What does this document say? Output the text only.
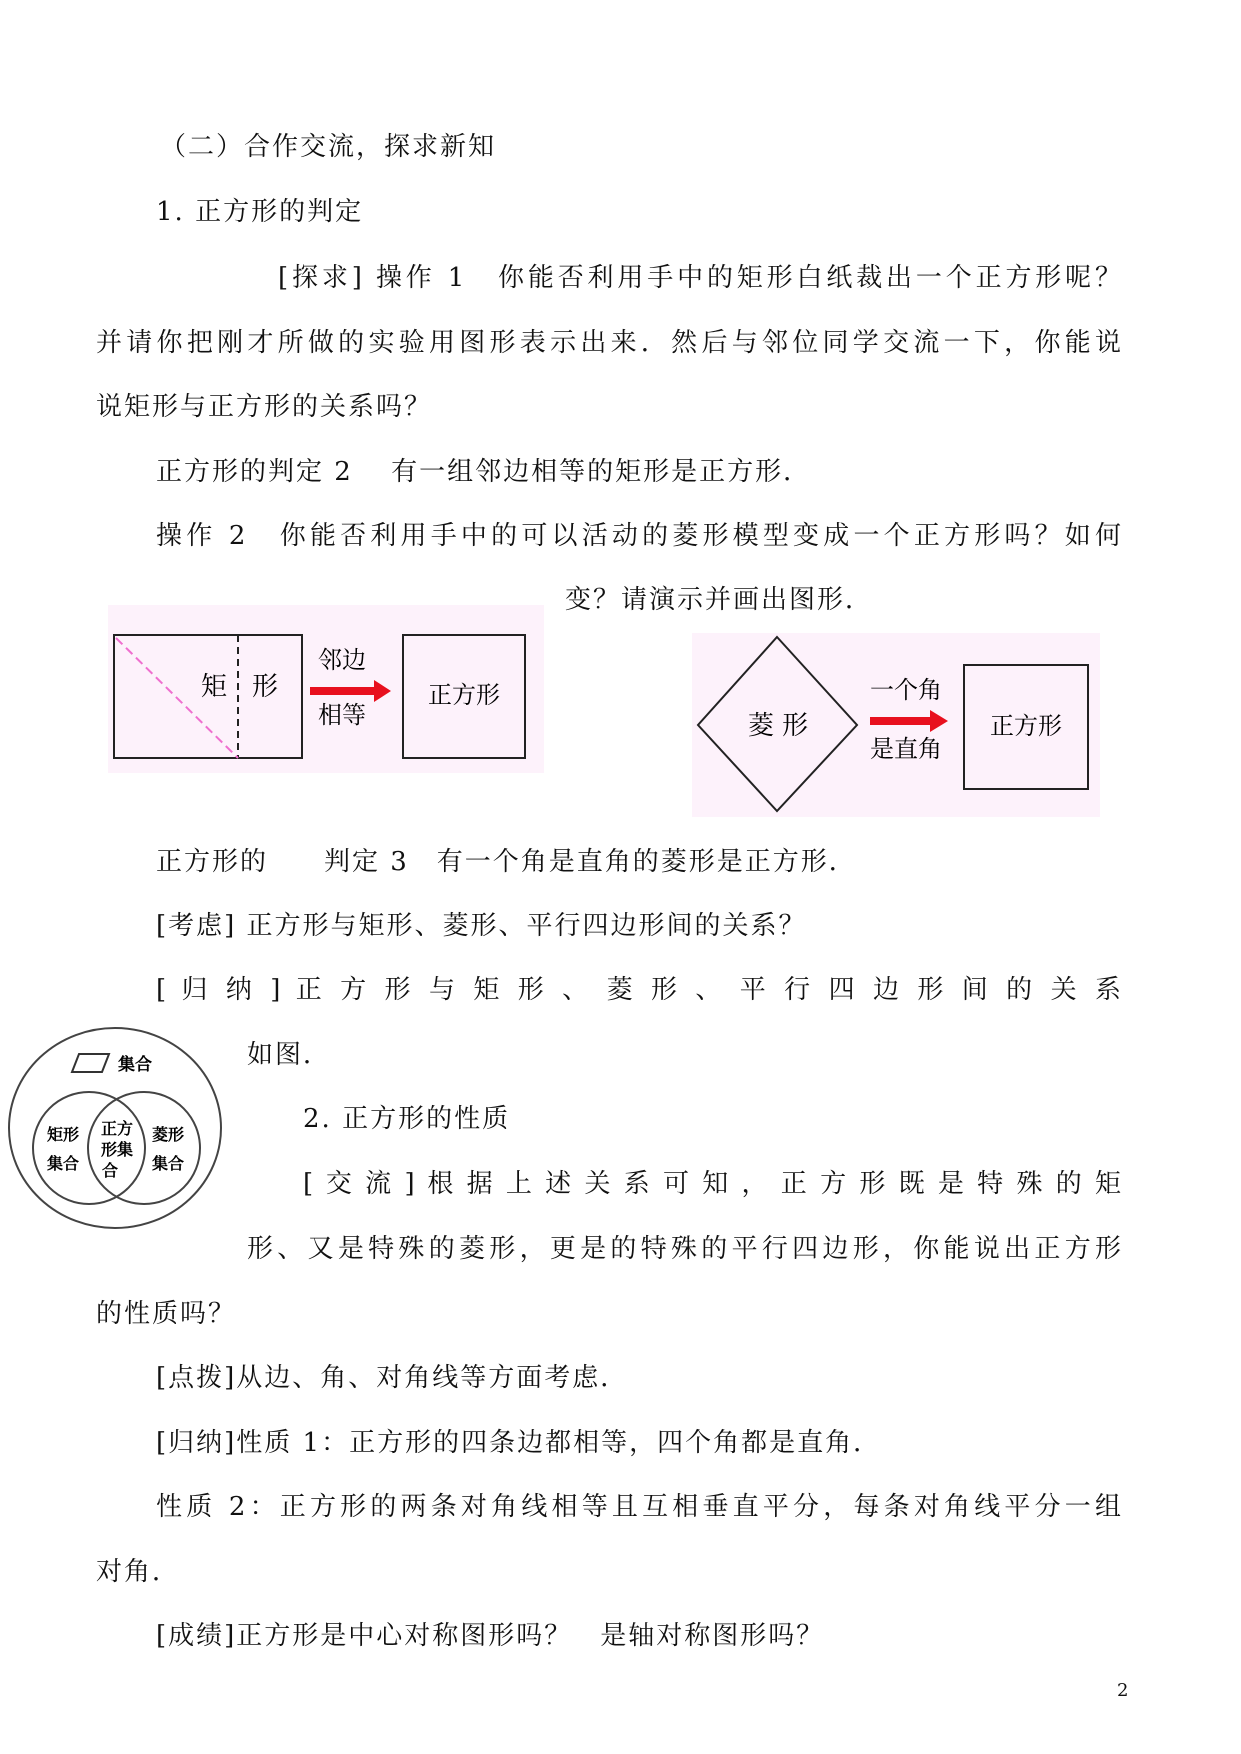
（二）合作交流，探求新知

1. 正方形的判定

[探求] 操作 1　你能否利用手中的矩形白纸裁出一个正方形呢？

并请你把刚才所做的实验用图形表示出来．然后与邻位同学交流一下，你能说

说矩形与正方形的关系吗？

正方形的判定 2　 有一组邻边相等的矩形是正方形．

操作 2　你能否利用手中的可以活动的菱形模型变成一个正方形吗？如何

变？请演示并画出图形．

矩 形
邻边
相等
正方形
菱 形
一个角
是直角
正方形

正方形的　　判定 3　有一个角是直角的菱形是正方形．

[考虑] 正方形与矩形、菱形、平行四边形间的关系？

[ 归 纳 ] 正 方 形 与 矩 形 、 菱 形 、 平 行 四 边 形 间 的 关 系

集合
矩形
集合
正方
形集
合
菱形
集合

如图．

2. 正方形的性质

[ 交 流 ] 根 据 上 述 关 系 可 知 ， 正 方 形 既 是 特 殊 的 矩

形、又是特殊的菱形，更是的特殊的平行四边形，你能说出正方形

的性质吗？

[点拨]从边、角、对角线等方面考虑．

[归纳]性质 1：正方形的四条边都相等，四个角都是直角．

性质 2：正方形的两条对角线相等且互相垂直平分，每条对角线平分一组

对角．

[成绩]正方形是中心对称图形吗？　是轴对称图形吗？

2
